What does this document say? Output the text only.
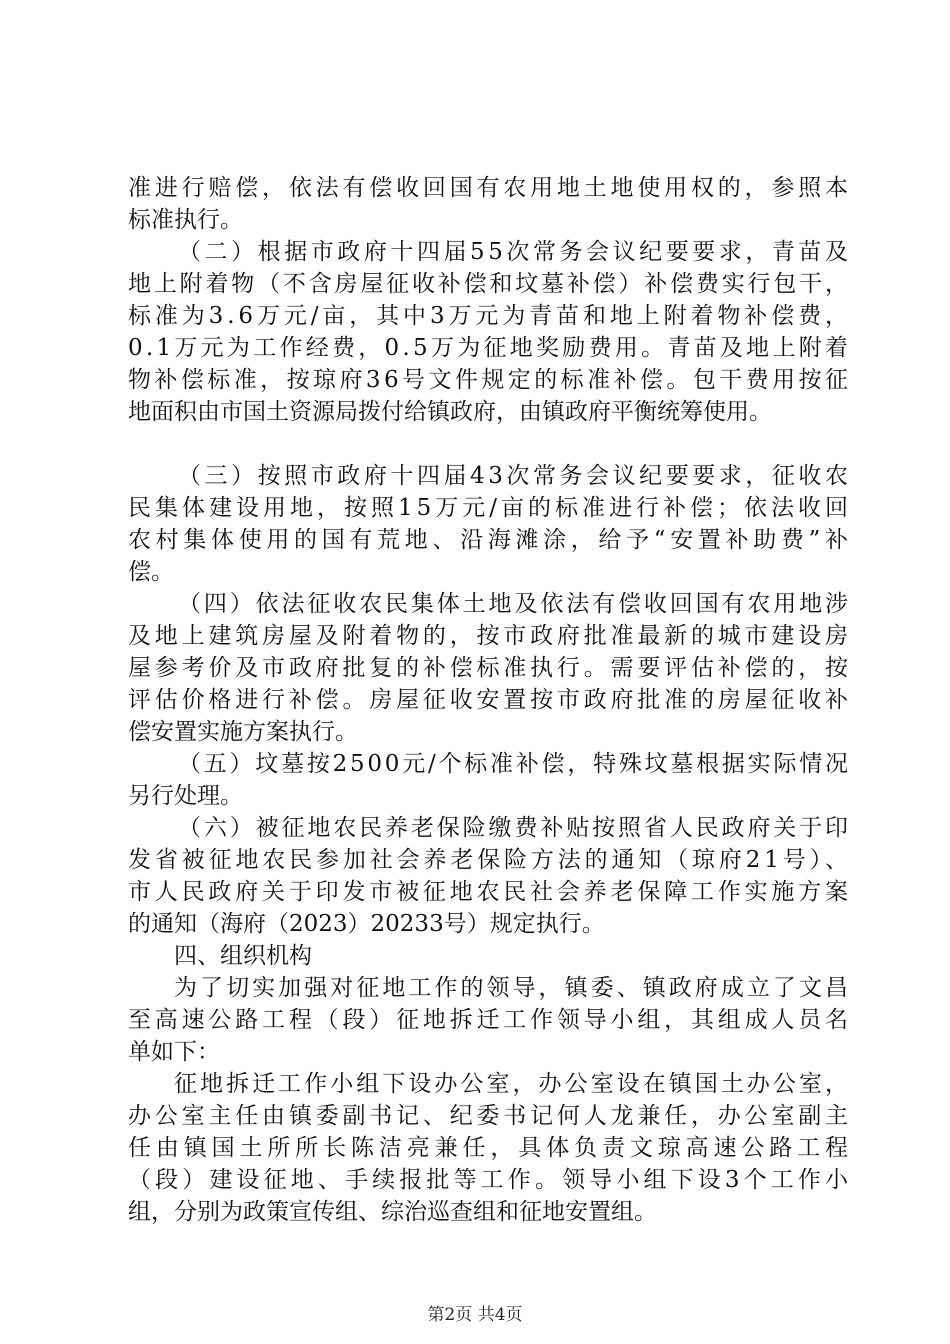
准进行赔偿，依法有偿收回国有农用地土地使用权的，参照本
标准执行。

（二）根据市政府十四届55次常务会议纪要要求，青苗及
地上附着物（不含房屋征收补偿和坟墓补偿）补偿费实行包干，
标准为3.6万元/亩，其中3万元为青苗和地上附着物补偿费，
0.1万元为工作经费，0.5万为征地奖励费用。青苗及地上附着
物补偿标准，按琼府36号文件规定的标准补偿。包干费用按征
地面积由市国土资源局拨付给镇政府，由镇政府平衡统筹使用。

（三）按照市政府十四届43次常务会议纪要要求，征收农
民集体建设用地，按照15万元/亩的标准进行补偿；依法收回
农村集体使用的国有荒地、沿海滩涂，给予“安置补助费”补
偿。

（四）依法征收农民集体土地及依法有偿收回国有农用地涉
及地上建筑房屋及附着物的，按市政府批准最新的城市建设房
屋参考价及市政府批复的补偿标准执行。需要评估补偿的，按
评估价格进行补偿。房屋征收安置按市政府批准的房屋征收补
偿安置实施方案执行。

（五）坟墓按2500元/个标准补偿，特殊坟墓根据实际情况
另行处理。

（六）被征地农民养老保险缴费补贴按照省人民政府关于印
发省被征地农民参加社会养老保险方法的通知（琼府21号）、
市人民政府关于印发市被征地农民社会养老保障工作实施方案
的通知（海府（2023）20233号）规定执行。

四、组织机构

为了切实加强对征地工作的领导，镇委、镇政府成立了文昌
至高速公路工程（段）征地拆迁工作领导小组，其组成人员名
单如下：

征地拆迁工作小组下设办公室，办公室设在镇国土办公室，
办公室主任由镇委副书记、纪委书记何人龙兼任，办公室副主
任由镇国土所所长陈洁亮兼任，具体负责文琼高速公路工程
（段）建设征地、手续报批等工作。领导小组下设3个工作小
组，分别为政策宣传组、综治巡查组和征地安置组。

第2页 共4页
